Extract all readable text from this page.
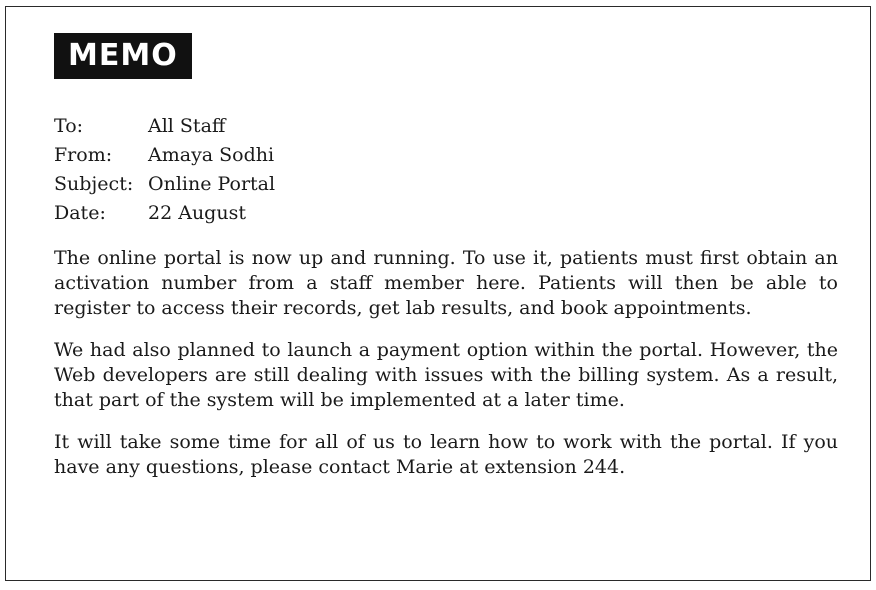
MEMO
To:	All Staff
From:	Amaya Sodhi
Subject: Online Portal
Date:	22 August

The online portal is now up and running. To use it, patients must first obtain an activation number from a staff member here. Patients will then be able to register to access their records, get lab results, and book appointments.

We had also planned to launch a payment option within the portal. However, the Web developers are still dealing with issues with the billing system. As a result, that part of the system will be implemented at a later time.

It will take some time for all of us to learn how to work with the portal. If you have any questions, please contact Marie at extension 244.
